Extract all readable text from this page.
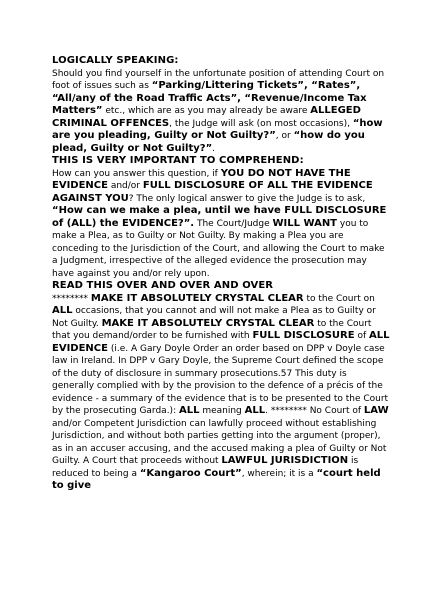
LOGICALLY SPEAKING:

Should you find yourself in the unfortunate position of attending Court on foot of issues such as “Parking/Littering Tickets”, “Rates”, “All/any of the Road Traffic Acts”, “Revenue/Income Tax Matters” etc., which are as you may already be aware ALLEGED CRIMINAL OFFENCES, the Judge will ask (on most occasions), “how are you pleading, Guilty or Not Guilty?”, or “how do you plead, Guilty or Not Guilty?”.

THIS IS VERY IMPORTANT TO COMPREHEND:

How can you answer this question, if YOU DO NOT HAVE THE EVIDENCE and/or FULL DISCLOSURE OF ALL THE EVIDENCE AGAINST YOU? The only logical answer to give the Judge is to ask, “How can we make a plea, until we have FULL DISCLOSURE of (ALL) the EVIDENCE?”. The Court/Judge WILL WANT you to make a Plea, as to Guilty or Not Guilty. By making a Plea you are conceding to the Jurisdiction of the Court, and allowing the Court to make a Judgment, irrespective of the alleged evidence the prosecution may have against you and/or rely upon.

READ THIS OVER AND OVER AND OVER

******** MAKE IT ABSOLUTELY CRYSTAL CLEAR to the Court on ALL occasions, that you cannot and will not make a Plea as to Guilty or Not Guilty. MAKE IT ABSOLUTELY CRYSTAL CLEAR to the Court that you demand/order to be furnished with FULL DISCLOSURE of ALL EVIDENCE (i.e. A Gary Doyle Order an order based on DPP v Doyle case law in Ireland. In DPP v Gary Doyle, the Supreme Court defined the scope of the duty of disclosure in summary prosecutions.57 This duty is generally complied with by the provision to the defence of a précis of the evidence - a summary of the evidence that is to be presented to the Court by the prosecuting Garda.): ALL meaning ALL. ******** No Court of LAW and/or Competent Jurisdiction can lawfully proceed without establishing Jurisdiction, and without both parties getting into the argument (proper), as in an accuser accusing, and the accused making a plea of Guilty or Not Guilty. A Court that proceeds without LAWFUL JURISDICTION is reduced to being a “Kangaroo Court”, wherein; it is a “court held to give
